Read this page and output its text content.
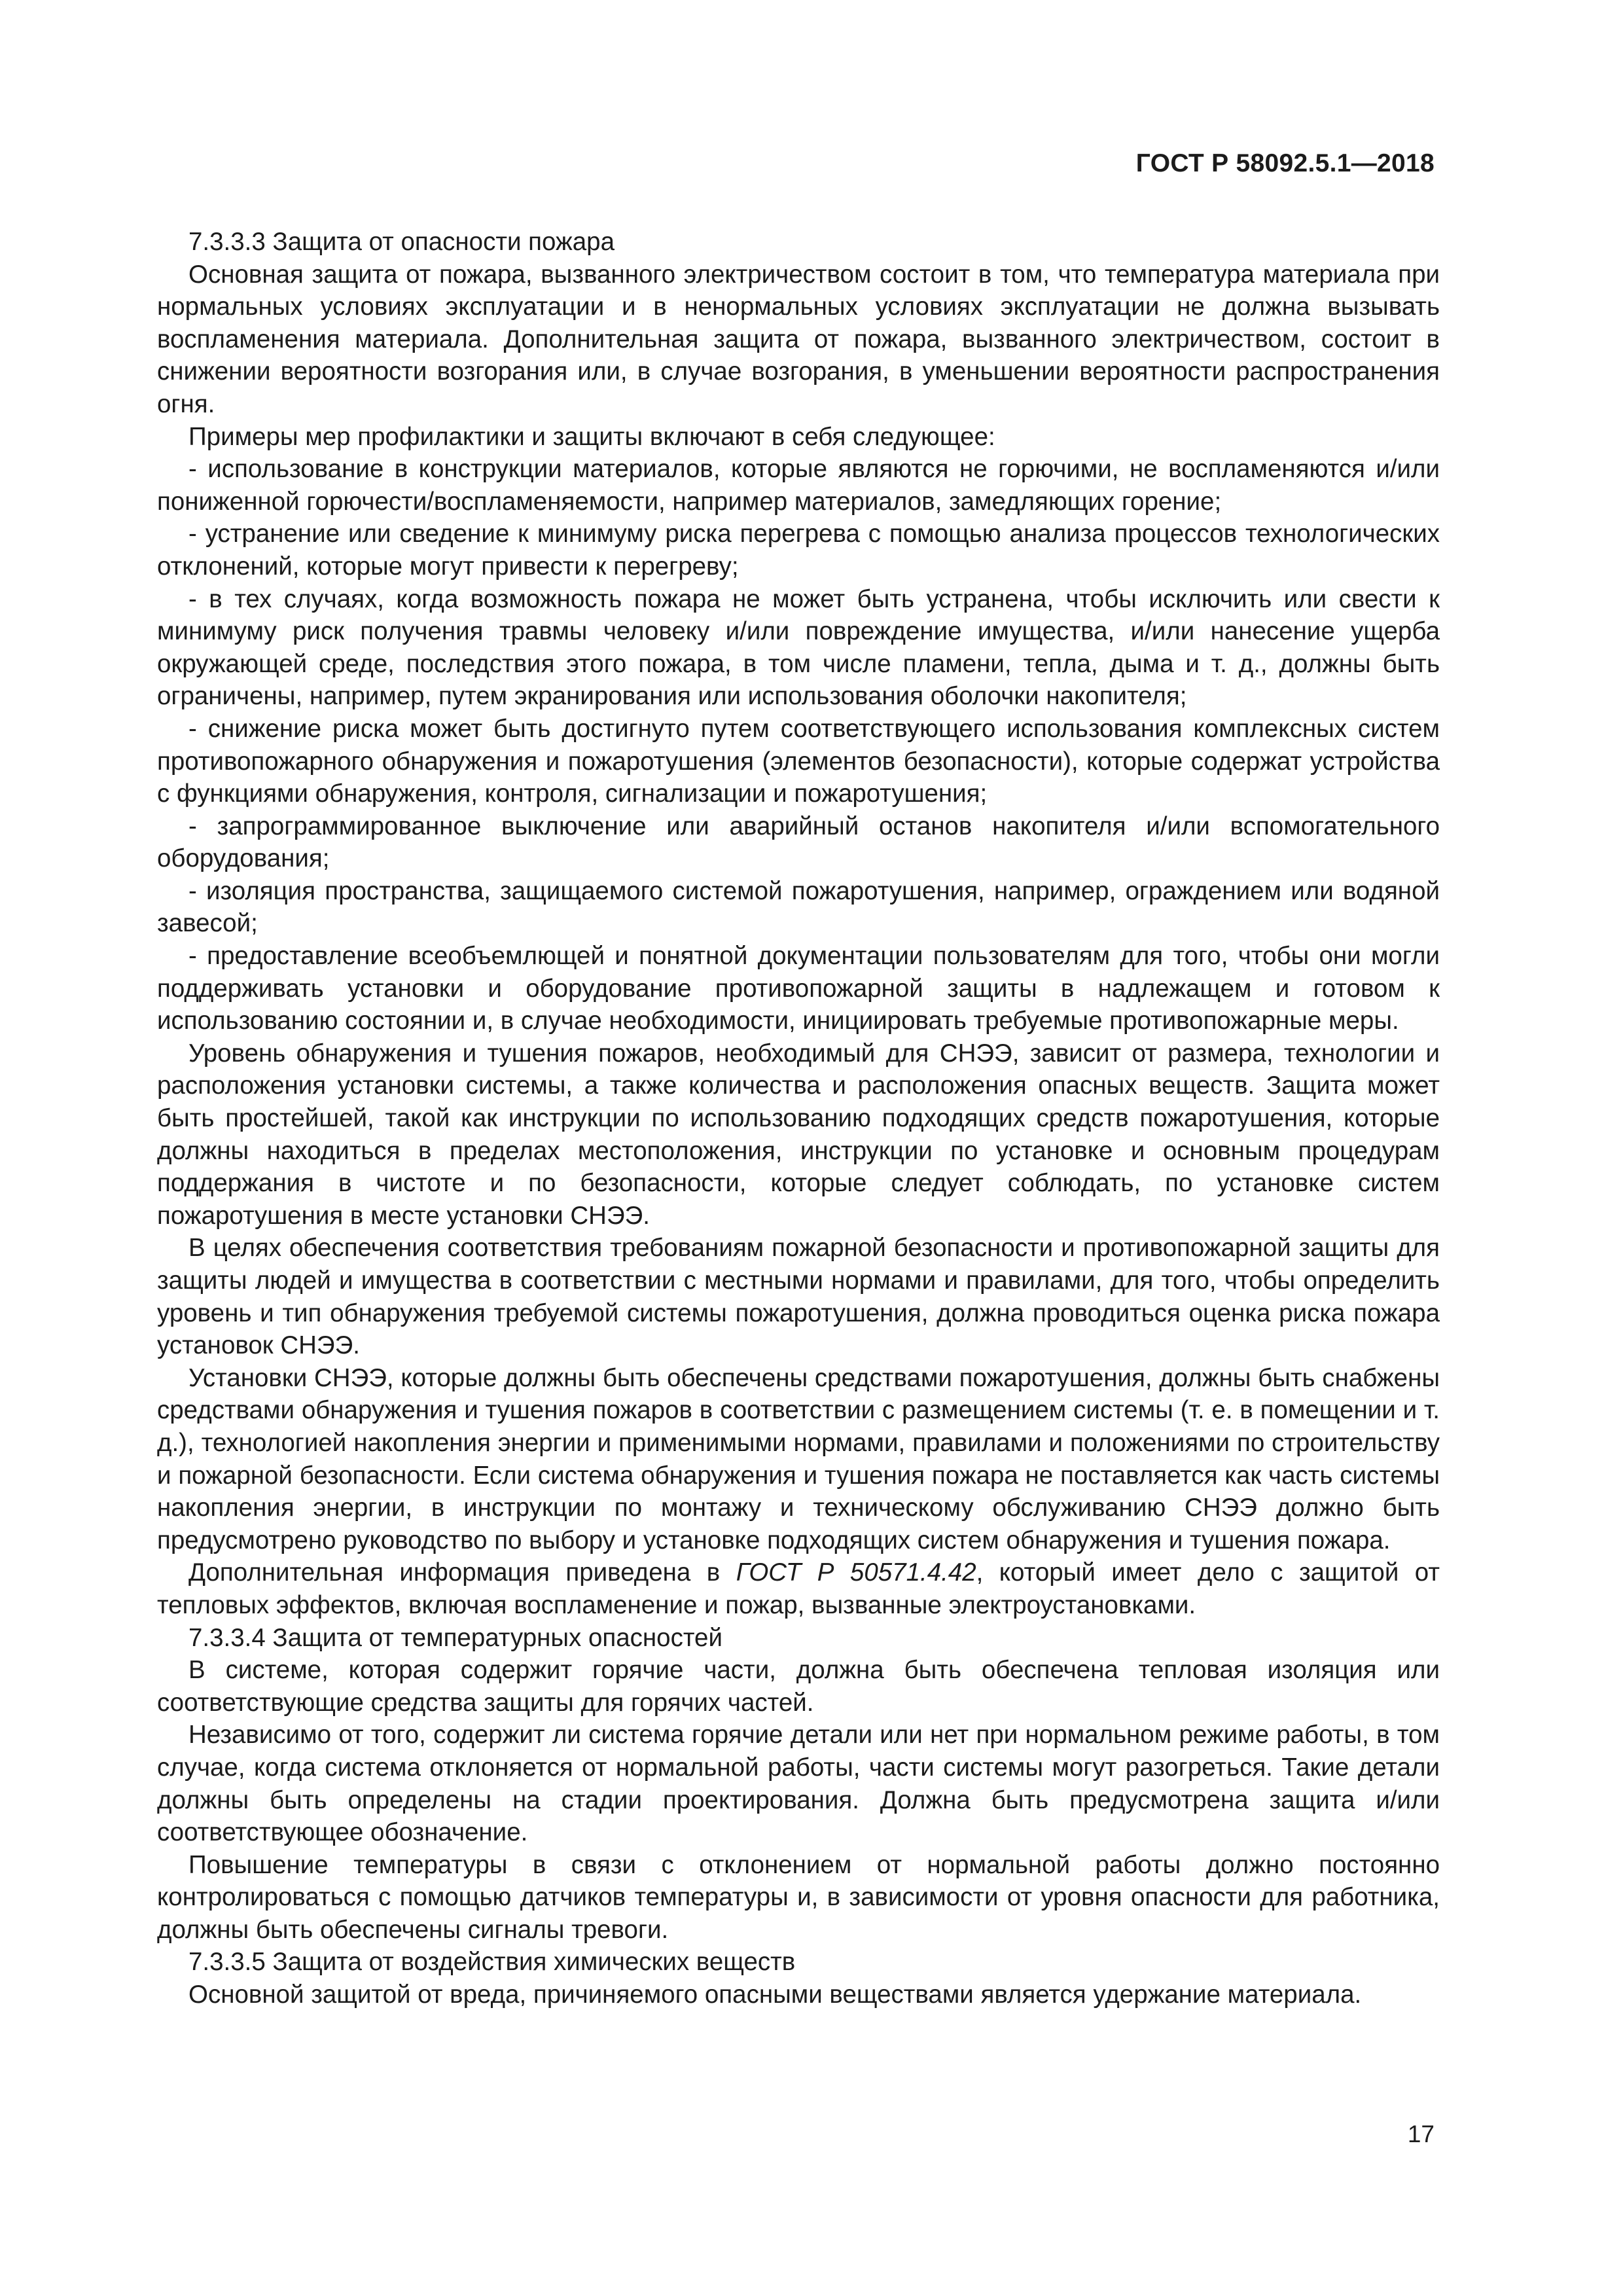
ГОСТ Р 58092.5.1—2018

7.3.3.3 Защита от опасности пожара

Основная защита от пожара, вызванного электричеством состоит в том, что температура материала при нормальных условиях эксплуатации и в ненормальных условиях эксплуатации не должна вызывать воспламенения материала. Дополнительная защита от пожара, вызванного электричеством, состоит в снижении вероятности возгорания или, в случае возгорания, в уменьшении вероятности распространения огня.

Примеры мер профилактики и защиты включают в себя следующее:

- использование в конструкции материалов, которые являются не горючими, не воспламеняются и/или пониженной горючести/воспламеняемости, например материалов, замедляющих горение;

- устранение или сведение к минимуму риска перегрева с помощью анализа процессов технологических отклонений, которые могут привести к перегреву;

- в тех случаях, когда возможность пожара не может быть устранена, чтобы исключить или свести к минимуму риск получения травмы человеку и/или повреждение имущества, и/или нанесение ущерба окружающей среде, последствия этого пожара, в том числе пламени, тепла, дыма и т. д., должны быть ограничены, например, путем экранирования или использования оболочки накопителя;

- снижение риска может быть достигнуто путем соответствующего использования комплексных систем противопожарного обнаружения и пожаротушения (элементов безопасности), которые содержат устройства с функциями обнаружения, контроля, сигнализации и пожаротушения;

- запрограммированное выключение или аварийный останов накопителя и/или вспомогательного оборудования;

- изоляция пространства, защищаемого системой пожаротушения, например, ограждением или водяной завесой;

- предоставление всеобъемлющей и понятной документации пользователям для того, чтобы они могли поддерживать установки и оборудование противопожарной защиты в надлежащем и готовом к использованию состоянии и, в случае необходимости, инициировать требуемые противопожарные меры.

Уровень обнаружения и тушения пожаров, необходимый для СНЭЭ, зависит от размера, технологии и расположения установки системы, а также количества и расположения опасных веществ. Защита может быть простейшей, такой как инструкции по использованию подходящих средств пожаротушения, которые должны находиться в пределах местоположения, инструкции по установке и основным процедурам поддержания в чистоте и по безопасности, которые следует соблюдать, по установке систем пожаротушения в месте установки СНЭЭ.

В целях обеспечения соответствия требованиям пожарной безопасности и противопожарной защиты для защиты людей и имущества в соответствии с местными нормами и правилами, для того, чтобы определить уровень и тип обнаружения требуемой системы пожаротушения, должна проводиться оценка риска пожара установок СНЭЭ.

Установки СНЭЭ, которые должны быть обеспечены средствами пожаротушения, должны быть снабжены средствами обнаружения и тушения пожаров в соответствии с размещением системы (т. е. в помещении и т. д.), технологией накопления энергии и применимыми нормами, правилами и положениями по строительству и пожарной безопасности. Если система обнаружения и тушения пожара не поставляется как часть системы накопления энергии, в инструкции по монтажу и техническому обслуживанию СНЭЭ должно быть предусмотрено руководство по выбору и установке подходящих систем обнаружения и тушения пожара.

Дополнительная информация приведена в ГОСТ Р 50571.4.42, который имеет дело с защитой от тепловых эффектов, включая воспламенение и пожар, вызванные электроустановками.

7.3.3.4 Защита от температурных опасностей

В системе, которая содержит горячие части, должна быть обеспечена тепловая изоляция или соответствующие средства защиты для горячих частей.

Независимо от того, содержит ли система горячие детали или нет при нормальном режиме работы, в том случае, когда система отклоняется от нормальной работы, части системы могут разогреться. Такие детали должны быть определены на стадии проектирования. Должна быть предусмотрена защита и/или соответствующее обозначение.

Повышение температуры в связи с отклонением от нормальной работы должно постоянно контролироваться с помощью датчиков температуры и, в зависимости от уровня опасности для работника, должны быть обеспечены сигналы тревоги.

7.3.3.5 Защита от воздействия химических веществ

Основной защитой от вреда, причиняемого опасными веществами является удержание материала.

17
